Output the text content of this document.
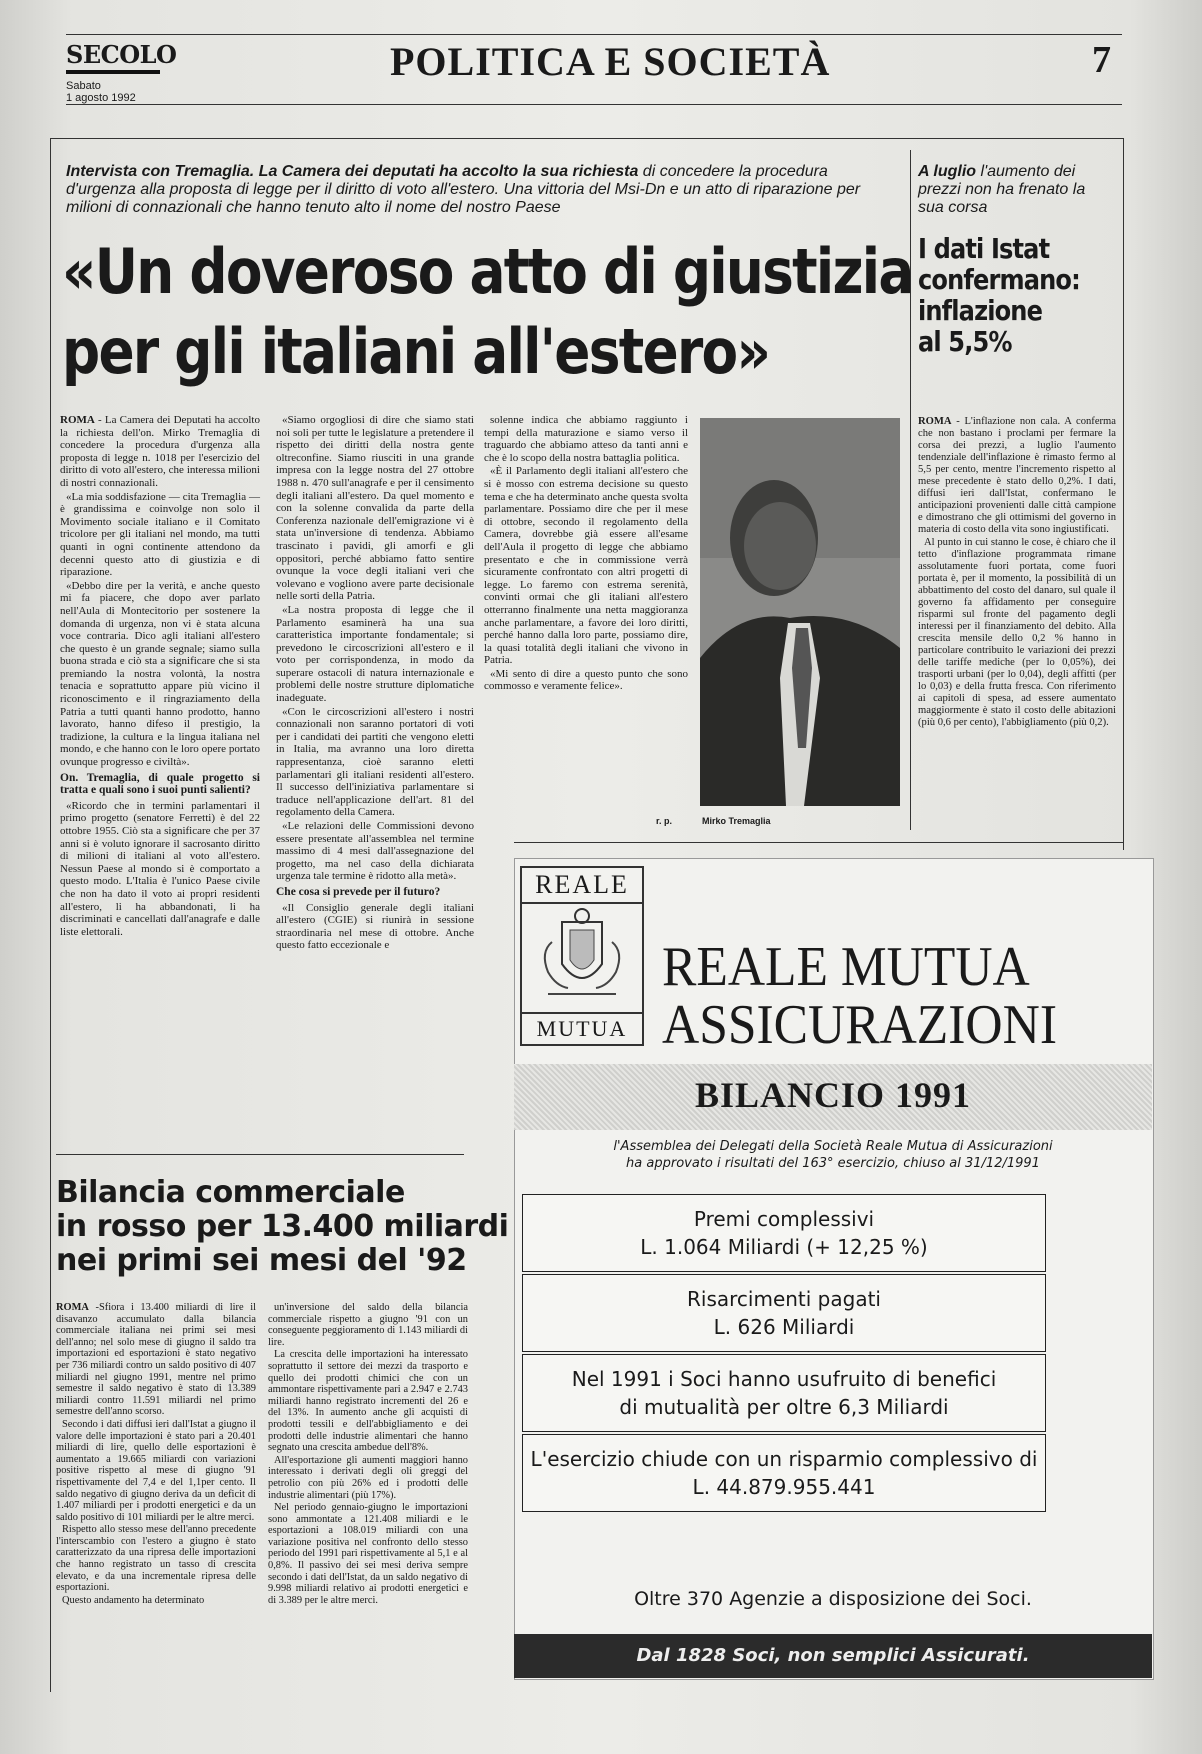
SECOLO
Sabato
1 agosto 1992
POLITICA E SOCIETÀ	7
Intervista con Tremaglia. La Camera dei deputati ha accolto la sua richiesta di concedere la procedura d'urgenza alla proposta di legge per il diritto di voto all'estero. Una vittoria del Msi-Dn e un atto di riparazione per milioni di connazionali che hanno tenuto alto il nome del nostro Paese
«Un doveroso atto di giustizia
per gli italiani all'estero»

ROMA - La Camera dei Deputati ha accolto la richiesta dell'on. Mirko Tremaglia di concedere la procedura d'urgenza alla proposta di legge n. 1018 per l'esercizio del diritto di voto all'estero, che interessa milioni di nostri connazionali.

«La mia soddisfazione — cita Tremaglia — è grandissima e coinvolge non solo il Movimento sociale italiano e il Comitato tricolore per gli italiani nel mondo, ma tutti quanti in ogni continente attendono da decenni questo atto di giustizia e di riparazione.

«Debbo dire per la verità, e anche questo mi fa piacere, che dopo aver parlato nell'Aula di Montecitorio per sostenere la domanda di urgenza, non vi è stata alcuna voce contraria. Dico agli italiani all'estero che questo è un grande segnale; siamo sulla buona strada e ciò sta a significare che si sta premiando la nostra volontà, la nostra tenacia e soprattutto appare più vicino il riconoscimento e il ringraziamento della Patria a tutti quanti hanno prodotto, hanno lavorato, hanno difeso il prestigio, la tradizione, la cultura e la lingua italiana nel mondo, e che hanno con le loro opere portato ovunque progresso e civiltà».

On. Tremaglia, di quale progetto si tratta e quali sono i suoi punti salienti?

«Ricordo che in termini parlamentari il primo progetto (senatore Ferretti) è del 22 ottobre 1955. Ciò sta a significare che per 37 anni si è voluto ignorare il sacrosanto diritto di milioni di italiani al voto all'estero. Nessun Paese al mondo si è comportato a questo modo. L'Italia è l'unico Paese civile che non ha dato il voto ai propri residenti all'estero, li ha abbandonati, li ha discriminati e cancellati dall'anagrafe e dalle liste elettorali.

«Siamo orgogliosi di dire che siamo stati noi soli per tutte le legislature a pretendere il rispetto dei diritti della nostra gente oltreconfine. Siamo riusciti in una grande impresa con la legge nostra del 27 ottobre 1988 n. 470 sull'anagrafe e per il censimento degli italiani all'estero. Da quel momento e con la solenne convalida da parte della Conferenza nazionale dell'emigrazione vi è stata un'inversione di tendenza. Abbiamo trascinato i pavidi, gli amorfi e gli oppositori, perché abbiamo fatto sentire ovunque la voce degli italiani veri che volevano e vogliono avere parte decisionale nelle sorti della Patria.

«La nostra proposta di legge che il Parlamento esaminerà ha una sua caratteristica importante fondamentale; si prevedono le circoscrizioni all'estero e il voto per corrispondenza, in modo da superare ostacoli di natura internazionale e problemi delle nostre strutture diplomatiche inadeguate.

«Con le circoscrizioni all'estero i nostri connazionali non saranno portatori di voti per i candidati dei partiti che vengono eletti in Italia, ma avranno una loro diretta rappresentanza, cioè saranno eletti parlamentari gli italiani residenti all'estero. Il successo dell'iniziativa parlamentare si traduce nell'applicazione dell'art. 81 del regolamento della Camera.

«Le relazioni delle Commissioni devono essere presentate all'assemblea nel termine massimo di 4 mesi dall'assegnazione del progetto, ma nel caso della dichiarata urgenza tale termine è ridotto alla metà».

Che cosa si prevede per il futuro?

«Il Consiglio generale degli italiani all'estero (CGIE) si riunirà in sessione straordinaria nel mese di ottobre. Anche questo fatto eccezionale e

solenne indica che abbiamo raggiunto i tempi della maturazione e siamo verso il traguardo che abbiamo atteso da tanti anni e che è lo scopo della nostra battaglia politica.

«È il Parlamento degli italiani all'estero che si è mosso con estrema decisione su questo tema e che ha determinato anche questa svolta parlamentare. Possiamo dire che per il mese di ottobre, secondo il regolamento della Camera, dovrebbe già essere all'esame dell'Aula il progetto di legge che abbiamo presentato e che in commissione verrà sicuramente confrontato con altri progetti di legge. Lo faremo con estrema serenità, convinti ormai che gli italiani all'estero otterranno finalmente una netta maggioranza anche parlamentare, a favore dei loro diritti, perché hanno dalla loro parte, possiamo dire, la quasi totalità degli italiani che vivono in Patria.

«Mi sento di dire a questo punto che sono commosso e veramente felice».

r. p.	Mirko Tremaglia
A luglio l'aumento dei prezzi non ha frenato la sua corsa
I dati Istat
confermano:
inflazione
al 5,5%

ROMA - L'inflazione non cala. A conferma che non bastano i proclami per fermare la corsa dei prezzi, a luglio l'aumento tendenziale dell'inflazione è rimasto fermo al 5,5 per cento, mentre l'incremento rispetto al mese precedente è stato dello 0,2%. I dati, diffusi ieri dall'Istat, confermano le anticipazioni provenienti dalle città campione e dimostrano che gli ottimismi del governo in materia di costo della vita sono ingiustificati.

Al punto in cui stanno le cose, è chiaro che il tetto d'inflazione programmata rimane assolutamente fuori portata, come fuori portata è, per il momento, la possibilità di un abbattimento del costo del danaro, sul quale il governo fa affidamento per conseguire risparmi sul fronte del pagamento degli interessi per il finanziamento del debito. Alla crescita mensile dello 0,2 % hanno in particolare contribuito le variazioni dei prezzi delle tariffe mediche (per lo 0,05%), dei trasporti urbani (per lo 0,04), degli affitti (per lo 0,03) e della frutta fresca. Con riferimento ai capitoli di spesa, ad essere aumentato maggiormente è stato il costo delle abitazioni (più 0,6 per cento), l'abbigliamento (più 0,2).

Bilancia commerciale
in rosso per 13.400 miliardi
nei primi sei mesi del '92

ROMA -Sfiora i 13.400 miliardi di lire il disavanzo accumulato dalla bilancia commerciale italiana nei primi sei mesi dell'anno; nel solo mese di giugno il saldo tra importazioni ed esportazioni è stato negativo per 736 miliardi contro un saldo positivo di 407 miliardi nel giugno 1991, mentre nel primo semestre il saldo negativo è stato di 13.389 miliardi contro 11.591 miliardi nel primo semestre dell'anno scorso.

Secondo i dati diffusi ieri dall'Istat a giugno il valore delle importazioni è stato pari a 20.401 miliardi di lire, quello delle esportazioni è aumentato a 19.665 miliardi con variazioni positive rispetto al mese di giugno '91 rispettivamente del 7,4 e del 1,1per cento. Il saldo negativo di giugno deriva da un deficit di 1.407 miliardi per i prodotti energetici e da un saldo positivo di 101 miliardi per le altre merci.

Rispetto allo stesso mese dell'anno precedente l'interscambio con l'estero a giugno è stato caratterizzato da una ripresa delle importazioni che hanno registrato un tasso di crescita elevato, e da una incrementale ripresa delle esportazioni.

Questo andamento ha determinato

un'inversione del saldo della bilancia commerciale rispetto a giugno '91 con un conseguente peggioramento di 1.143 miliardi di lire.

La crescita delle importazioni ha interessato soprattutto il settore dei mezzi da trasporto e quello dei prodotti chimici che con un ammontare rispettivamente pari a 2.947 e 2.743 miliardi hanno registrato incrementi del 26 e del 13%. In aumento anche gli acquisti di prodotti tessili e dell'abbigliamento e dei prodotti delle industrie alimentari che hanno segnato una crescita ambedue dell'8%.

All'esportazione gli aumenti maggiori hanno interessato i derivati degli oli greggi del petrolio con più 26% ed i prodotti delle industrie alimentari (più 17%).

Nel periodo gennaio-giugno le importazioni sono ammontate a 121.408 miliardi e le esportazioni a 108.019 miliardi con una variazione positiva nel confronto dello stesso periodo del 1991 pari rispettivamente al 5,1 e al 0,8%. Il passivo dei sei mesi deriva sempre secondo i dati dell'Istat, da un saldo negativo di 9.998 miliardi relativo ai prodotti energetici e di 3.389 per le altre merci.

REALE
MUTUA
REALE MUTUA
ASSICURAZIONI
BILANCIO 1991
l'Assemblea dei Delegati della Società Reale Mutua di Assicurazioni
ha approvato i risultati del 163° esercizio, chiuso al 31/12/1991
Premi complessivi
L. 1.064 Miliardi (+ 12,25 %)
Risarcimenti pagati
L. 626 Miliardi
Nel 1991 i Soci hanno usufruito di benefici
di mutualità per oltre 6,3 Miliardi
L'esercizio chiude con un risparmio complessivo di
L. 44.879.955.441
Oltre 370 Agenzie a disposizione dei Soci.
Dal 1828 Soci, non semplici Assicurati.
